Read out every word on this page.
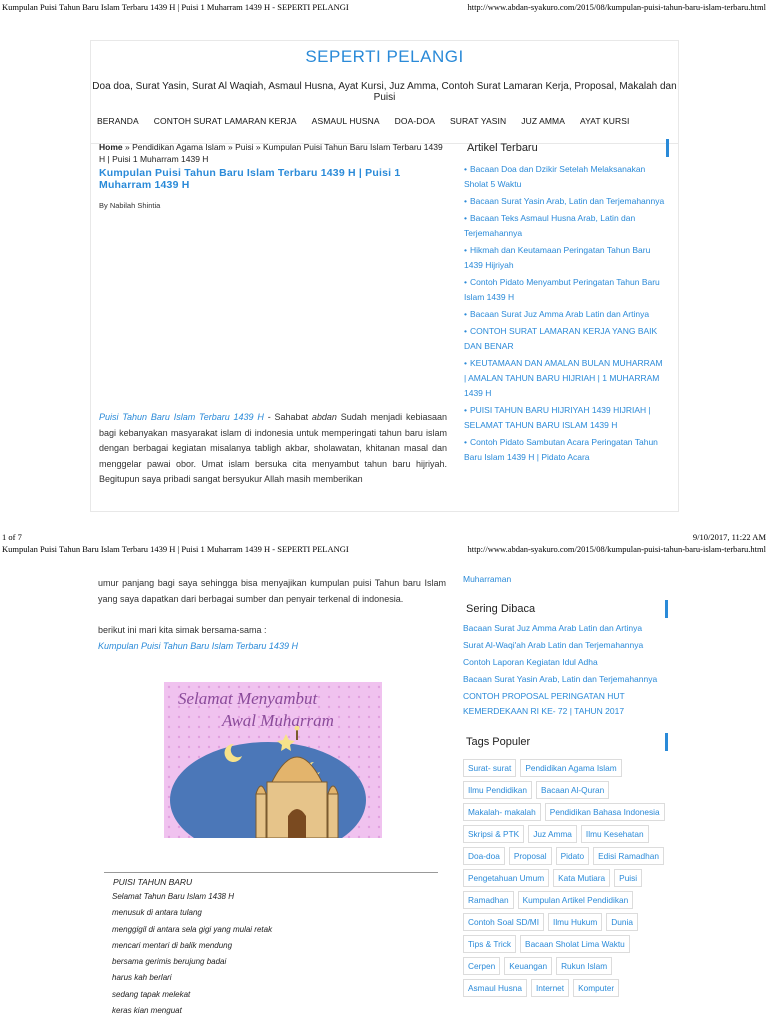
Kumpulan Puisi Tahun Baru Islam Terbaru 1439 H | Puisi 1 Muharram 1439 H - SEPERTI PELANGI	http://www.abdan-syakuro.com/2015/08/kumpulan-puisi-tahun-baru-islam-terbaru.html
SEPERTI PELANGI
Doa doa, Surat Yasin, Surat Al Waqiah, Asmaul Husna, Ayat Kursi, Juz Amma, Contoh Surat Lamaran Kerja, Proposal, Makalah dan Puisi
BERANDA	CONTOH SURAT LAMARAN KERJA	ASMAUL HUSNA	DOA-DOA	SURAT YASIN	JUZ AMMA	AYAT KURSI
Home » Pendidikan Agama Islam » Puisi » Kumpulan Puisi Tahun Baru Islam Terbaru 1439 H | Puisi 1 Muharram 1439 H
Kumpulan Puisi Tahun Baru Islam Terbaru 1439 H | Puisi 1 Muharram 1439 H
By Nabilah Shintia
Puisi Tahun Baru Islam Terbaru 1439 H - Sahabat abdan Sudah menjadi kebiasaan bagi kebanyakan masyarakat islam di indonesia untuk memperingati tahun baru islam dengan berbagai kegiatan misalanya tabligh akbar, sholawatan, khitanan masal dan menggelar pawai obor. Umat islam bersuka cita menyambut tahun baru hijriyah. Begitupun saya pribadi sangat bersyukur Allah masih memberikan
Artikel Terbaru
• Bacaan Doa dan Dzikir Setelah Melaksanakan Sholat 5 Waktu
• Bacaan Surat Yasin Arab, Latin dan Terjemahannya
• Bacaan Teks Asmaul Husna Arab, Latin dan Terjemahannya
• Hikmah dan Keutamaan Peringatan Tahun Baru 1439 Hijriyah
• Contoh Pidato Menyambut Peringatan Tahun Baru Islam 1439 H
• Bacaan Surat Juz Amma Arab Latin dan Artinya
• CONTOH SURAT LAMARAN KERJA YANG BAIK DAN BENAR
• KEUTAMAAN DAN AMALAN BULAN MUHARRAM | AMALAN TAHUN BARU HIJRIAH | 1 MUHARRAM 1439 H
• PUISI TAHUN BARU HIJRIYAH 1439 HIJRIAH | SELAMAT TAHUN BARU ISLAM 1439 H
• Contoh Pidato Sambutan Acara Peringatan Tahun Baru Islam 1439 H | Pidato Acara
1 of 7	9/10/2017, 11:22 AM
Kumpulan Puisi Tahun Baru Islam Terbaru 1439 H | Puisi 1 Muharram 1439 H - SEPERTI PELANGI	http://www.abdan-syakuro.com/2015/08/kumpulan-puisi-tahun-baru-islam-terbaru.html
umur panjang bagi saya sehingga bisa menyajikan kumpulan puisi Tahun baru Islam yang saya dapatkan dari berbagai sumber dan penyair terkenal di indonesia.
berikut ini mari kita simak bersama-sama :
Kumpulan Puisi Tahun Baru Islam Terbaru 1439 H
Selamat Menyambut
Awal Muharram
PUISI TAHUN BARU
Selamat Tahun Baru Islam 1438 H
menusuk di antara tulang
menggigil di antara sela gigi yang mulai retak
mencari mentari di balik mendung
bersama gerimis berujung badai
harus kah berlari
sedang tapak melekat
keras kian menguat
Muharraman
Sering Dibaca
Bacaan Surat Juz Amma Arab Latin dan Artinya
Surat Al-Waqi'ah Arab Latin dan Terjemahannya
Contoh Laporan Kegiatan Idul Adha
Bacaan Surat Yasin Arab, Latin dan Terjemahannya
CONTOH PROPOSAL PERINGATAN HUT KEMERDEKAAN RI KE- 72 | TAHUN 2017
Tags Populer
Surat- surat	Pendidikan Agama Islam
Ilmu Pendidikan	Bacaan Al-Quran
Makalah- makalah	Pendidikan Bahasa Indonesia
Skripsi & PTK	Juz Amma	Ilmu Kesehatan
Doa-doa	Proposal	Pidato	Edisi Ramadhan
Pengetahuan Umum	Kata Mutiara	Puisi
Ramadhan	Kumpulan Artikel Pendidikan
Contoh Soal SD/MI	Ilmu Hukum	Dunia
Tips & Trick	Bacaan Sholat Lima Waktu
Cerpen	Keuangan	Rukun Islam
Asmaul Husna	Internet	Komputer
